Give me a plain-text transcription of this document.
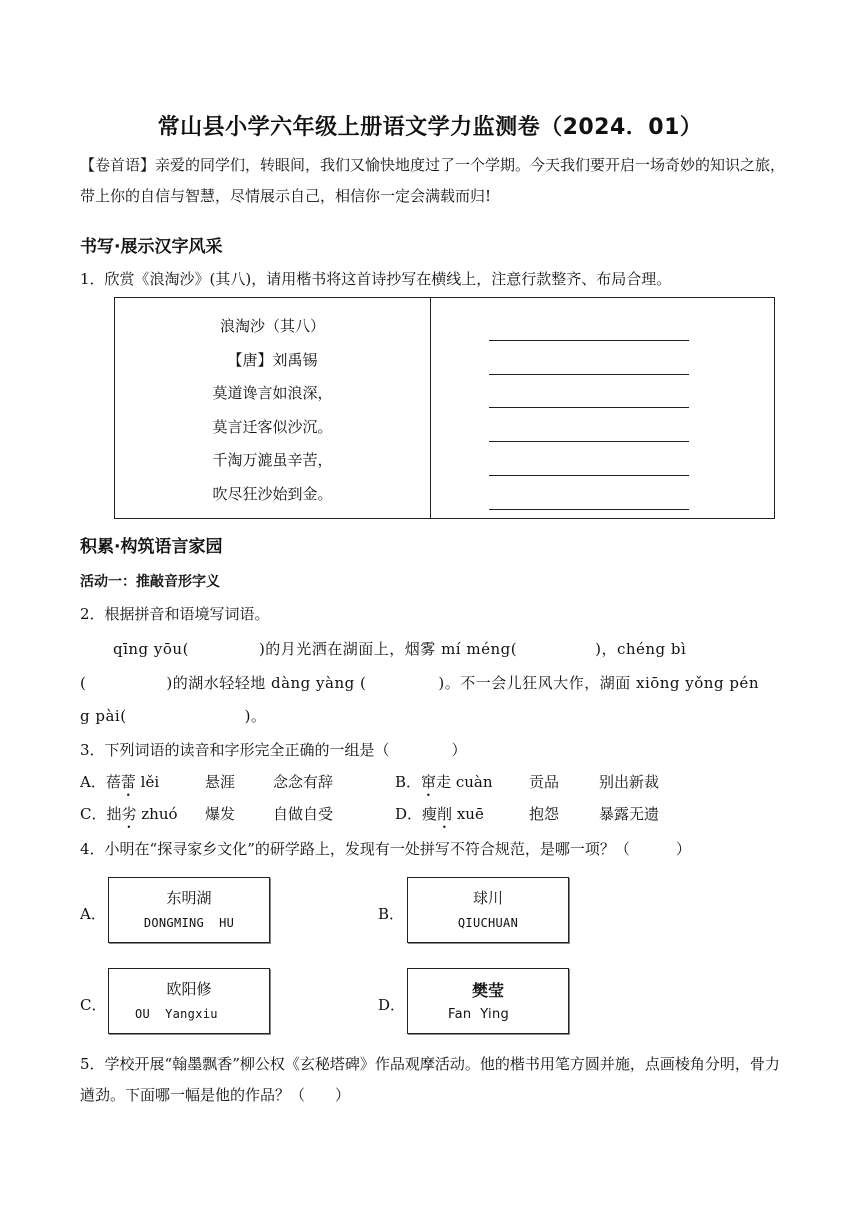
常山县小学六年级上册语文学力监测卷（2024．01）
【卷首语】亲爱的同学们，转眼间，我们又愉快地度过了一个学期。今天我们要开启一场奇妙的知识之旅，带上你的自信与智慧，尽情展示自己，相信你一定会满载而归!
书写·展示汉字风采
1．欣赏《浪淘沙》(其八)，请用楷书将这首诗抄写在横线上，注意行款整齐、布局合理。
浪淘沙（其八）
【唐】刘禹锡
莫道谗言如浪深，
莫言迁客似沙沉。
千淘万漉虽辛苦，
吹尽狂沙始到金。
积累·构筑语言家园
活动一：推敲音形字义
2．根据拼音和语境写词语。
qīng yōu(	)的月光洒在湖面上，烟雾 mí méng(	)，chéng bì
(	)的湖水轻轻地 dàng yàng (	)。不一会儿狂风大作，湖面 xiōng yǒng pén
g pài(	)。
3．下列词语的读音和字形完全正确的一组是（	）
A．蓓蕾 lěi	悬涯	念念有辞	B．窜走 cuàn 贡品	别出新裁
C．拙劣 zhuó 爆发	自做自受	D．瘦削 xuē	抱怨	暴露无遗
4．小明在“探寻家乡文化”的研学路上，发现有一处拼写不符合规范，是哪一项？（	）
A．
东明湖
DONGMING  HU	B．
球川
QIUCHUAN
C．
欧阳修
OU  Yangxiu	D．
樊莹
Fan  Ying
5．学校开展“翰墨飘香”柳公权《玄秘塔碑》作品观摩活动。他的楷书用笔方圆并施，点画棱角分明，骨力遒劲。下面哪一幅是他的作品？（　　）
